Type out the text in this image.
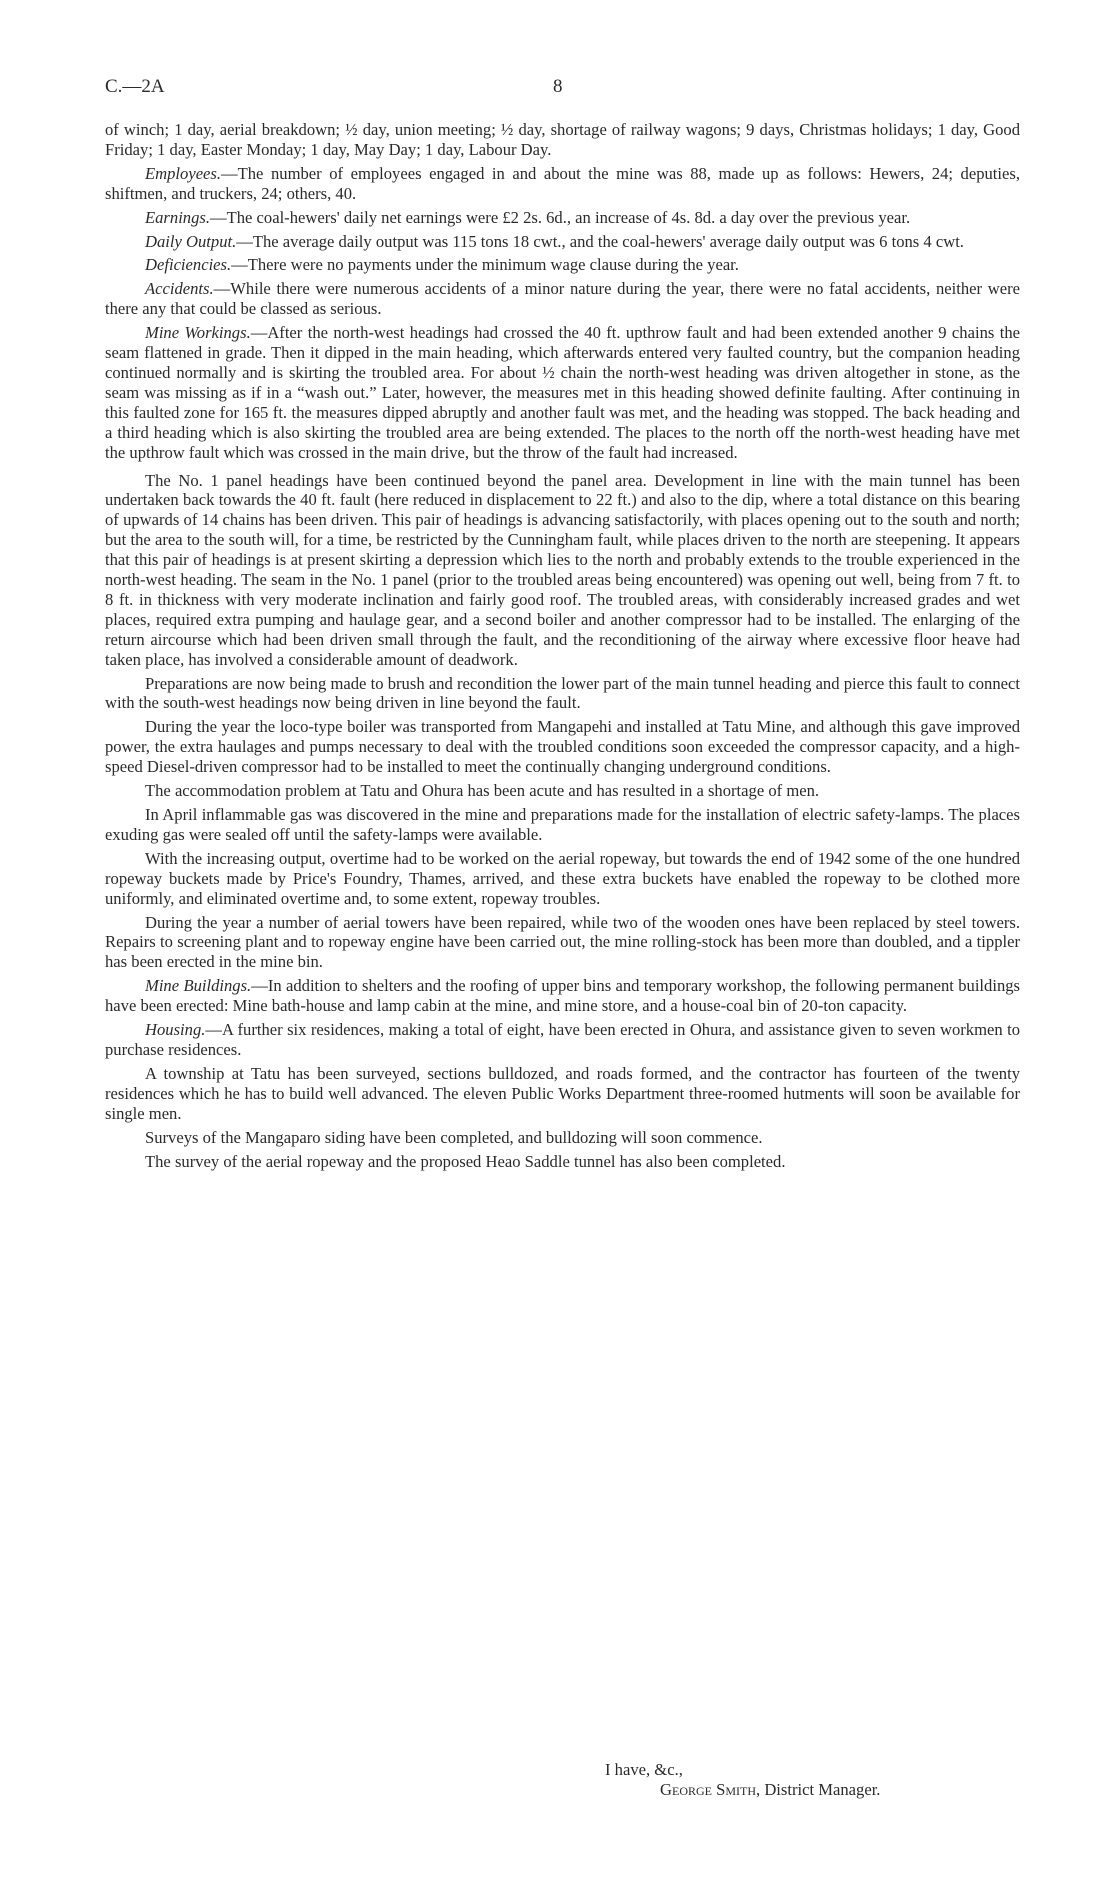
C.—2A	8

of winch; 1 day, aerial breakdown; ½ day, union meeting; ½ day, shortage of railway wagons; 9 days, Christmas holidays; 1 day, Good Friday; 1 day, Easter Monday; 1 day, May Day; 1 day, Labour Day.

Employees.—The number of employees engaged in and about the mine was 88, made up as follows: Hewers, 24; deputies, shiftmen, and truckers, 24; others, 40.

Earnings.—The coal-hewers' daily net earnings were £2 2s. 6d., an increase of 4s. 8d. a day over the previous year.

Daily Output.—The average daily output was 115 tons 18 cwt., and the coal-hewers' average daily output was 6 tons 4 cwt.

Deficiencies.—There were no payments under the minimum wage clause during the year.

Accidents.—While there were numerous accidents of a minor nature during the year, there were no fatal accidents, neither were there any that could be classed as serious.

Mine Workings.—After the north-west headings had crossed the 40 ft. upthrow fault and had been extended another 9 chains the seam flattened in grade. Then it dipped in the main heading, which afterwards entered very faulted country, but the companion heading continued normally and is skirting the troubled area. For about ½ chain the north-west heading was driven altogether in stone, as the seam was missing as if in a “wash out.” Later, however, the measures met in this heading showed definite faulting. After continuing in this faulted zone for 165 ft. the measures dipped abruptly and another fault was met, and the heading was stopped. The back heading and a third heading which is also skirting the troubled area are being extended. The places to the north off the north-west heading have met the upthrow fault which was crossed in the main drive, but the throw of the fault had increased.

The No. 1 panel headings have been continued beyond the panel area. Development in line with the main tunnel has been undertaken back towards the 40 ft. fault (here reduced in displacement to 22 ft.) and also to the dip, where a total distance on this bearing of upwards of 14 chains has been driven. This pair of headings is advancing satisfactorily, with places opening out to the south and north; but the area to the south will, for a time, be restricted by the Cunningham fault, while places driven to the north are steepening. It appears that this pair of headings is at present skirting a depression which lies to the north and probably extends to the trouble experienced in the north-west heading. The seam in the No. 1 panel (prior to the troubled areas being encountered) was opening out well, being from 7 ft. to 8 ft. in thickness with very moderate inclination and fairly good roof. The troubled areas, with considerably increased grades and wet places, required extra pumping and haulage gear, and a second boiler and another compressor had to be installed. The enlarging of the return aircourse which had been driven small through the fault, and the reconditioning of the airway where excessive floor heave had taken place, has involved a considerable amount of deadwork.

Preparations are now being made to brush and recondition the lower part of the main tunnel heading and pierce this fault to connect with the south-west headings now being driven in line beyond the fault.

During the year the loco-type boiler was transported from Mangapehi and installed at Tatu Mine, and although this gave improved power, the extra haulages and pumps necessary to deal with the troubled conditions soon exceeded the compressor capacity, and a high-speed Diesel-driven compressor had to be installed to meet the continually changing underground conditions.

The accommodation problem at Tatu and Ohura has been acute and has resulted in a shortage of men.

In April inflammable gas was discovered in the mine and preparations made for the installation of electric safety-lamps. The places exuding gas were sealed off until the safety-lamps were available.

With the increasing output, overtime had to be worked on the aerial ropeway, but towards the end of 1942 some of the one hundred ropeway buckets made by Price's Foundry, Thames, arrived, and these extra buckets have enabled the ropeway to be clothed more uniformly, and eliminated overtime and, to some extent, ropeway troubles.

During the year a number of aerial towers have been repaired, while two of the wooden ones have been replaced by steel towers. Repairs to screening plant and to ropeway engine have been carried out, the mine rolling-stock has been more than doubled, and a tippler has been erected in the mine bin.

Mine Buildings.—In addition to shelters and the roofing of upper bins and temporary workshop, the following permanent buildings have been erected: Mine bath-house and lamp cabin at the mine, and mine store, and a house-coal bin of 20-ton capacity.

Housing.—A further six residences, making a total of eight, have been erected in Ohura, and assistance given to seven workmen to purchase residences.

A township at Tatu has been surveyed, sections bulldozed, and roads formed, and the contractor has fourteen of the twenty residences which he has to build well advanced. The eleven Public Works Department three-roomed hutments will soon be available for single men.

Surveys of the Mangaparo siding have been completed, and bulldozing will soon commence.

The survey of the aerial ropeway and the proposed Heao Saddle tunnel has also been completed.

I have, &c.,
George Smith, District Manager.
